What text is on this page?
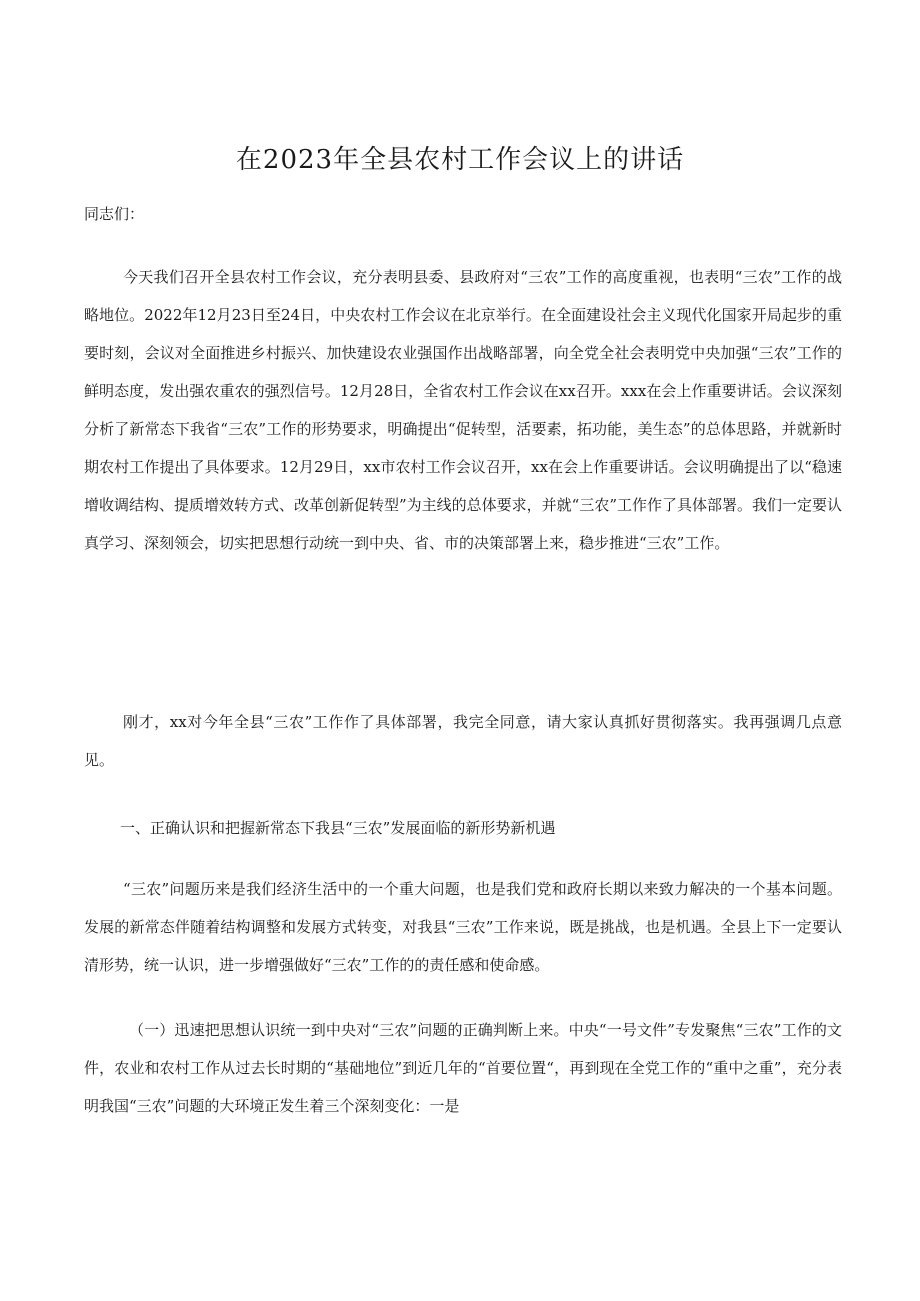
在2023年全县农村工作会议上的讲话
同志们：

今天我们召开全县农村工作会议，充分表明县委、县政府对“三农”工作的高度重视，也表明“三农”工作的战略地位。2022年12月23日至24日，中央农村工作会议在北京举行。在全面建设社会主义现代化国家开局起步的重要时刻，会议对全面推进乡村振兴、加快建设农业强国作出战略部署，向全党全社会表明党中央加强“三农”工作的鲜明态度，发出强农重农的强烈信号。12月28日，全省农村工作会议在xx召开。xxx在会上作重要讲话。会议深刻分析了新常态下我省“三农”工作的形势要求，明确提出“促转型，活要素，拓功能，美生态”的总体思路，并就新时期农村工作提出了具体要求。12月29日，xx市农村工作会议召开，xx在会上作重要讲话。会议明确提出了以“稳速增收调结构、提质增效转方式、改革创新促转型”为主线的总体要求，并就“三农”工作作了具体部署。我们一定要认真学习、深刻领会，切实把思想行动统一到中央、省、市的决策部署上来，稳步推进“三农”工作。

刚才，xx对今年全县“三农”工作作了具体部署，我完全同意，请大家认真抓好贯彻落实。我再强调几点意见。

一、正确认识和把握新常态下我县“三农”发展面临的新形势新机遇

“三农”问题历来是我们经济生活中的一个重大问题，也是我们党和政府长期以来致力解决的一个基本问题。发展的新常态伴随着结构调整和发展方式转变，对我县“三农”工作来说，既是挑战，也是机遇。全县上下一定要认清形势，统一认识，进一步增强做好“三农”工作的的责任感和使命感。

（一）迅速把思想认识统一到中央对“三农”问题的正确判断上来。中央“一号文件”专发聚焦“三农”工作的文件，农业和农村工作从过去长时期的“基础地位”到近几年的“首要位置“，再到现在全党工作的“重中之重”，充分表明我国“三农”问题的大环境正发生着三个深刻变化：一是
